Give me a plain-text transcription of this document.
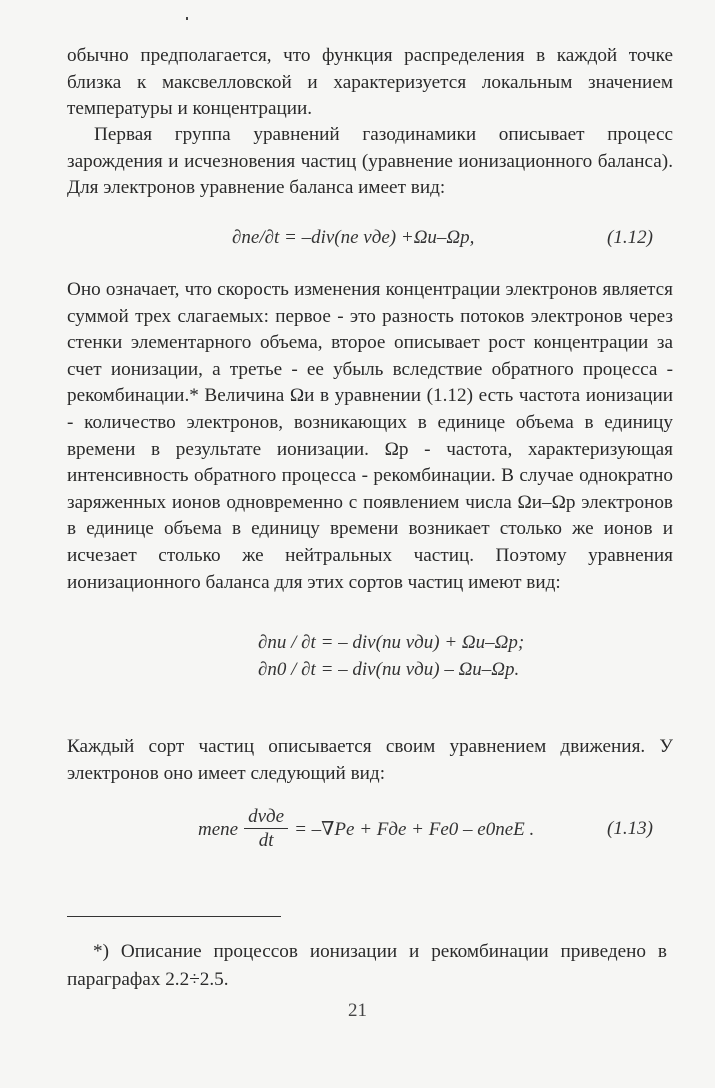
обычно предполагается, что функция распределения в каждой точке близка к максвелловской и характеризуется локальным значением температуры и концентрации.

Первая группа уравнений газодинамики описывает процесс зарождения и исчезновения частиц (уравнение ионизационного баланса). Для электронов уравнение баланса имеет вид:

∂ne/∂t = –div(ne vдe) +Ωи–Ωр,	(1.12)

Оно означает, что скорость изменения концентрации электронов является суммой трех слагаемых: первое - это разность потоков электронов через стенки элементарного объема, второе описывает рост концентрации за счет ионизации, а третье - ее убыль вследствие обратного процесса - рекомбинации.* Величина Ωи в уравнении (1.12) есть частота ионизации - количество электронов, возникающих в единице объема в единицу времени в результате ионизации. Ωр - частота, характеризующая интенсивность обратного процесса - рекомбинации. В случае однократно заряженных ионов одновременно с появлением числа Ωи–Ωр электронов в единице объема в единицу времени возникает столько же ионов и исчезает столько же нейтральных частиц. Поэтому уравнения ионизационного баланса для этих сортов частиц имеют вид:

∂nи / ∂t = – div(nи vди) + Ωи–Ωр;
∂n0 / ∂t = – div(nи vди) – Ωи–Ωр.

Каждый сорт частиц описывается своим уравнением движения. У электронов оно имеет следующий вид:

mеnе $\frac{\text{dvдe}}{dt} = -\nabla Pe$ + Fдe + Fe0 – e0neE .	(1.13)

*) Описание процессов ионизации и рекомбинации приведено в параграфах 2.2÷2.5.

21
